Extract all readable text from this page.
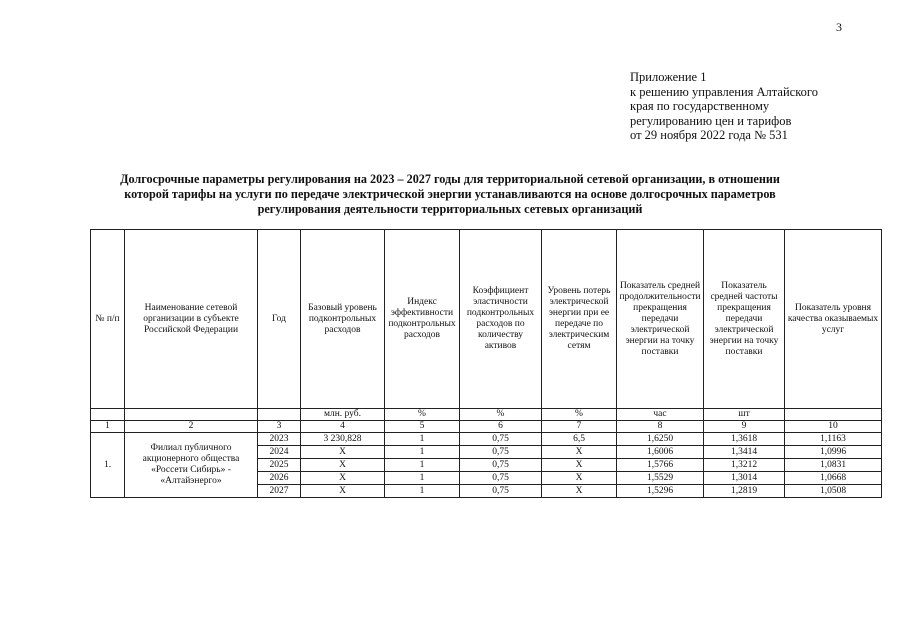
3
Приложение 1
к решению управления Алтайского
края по государственному
регулированию цен и тарифов
от 29 ноября 2022 года № 531
Долгосрочные параметры регулирования на 2023 – 2027 годы для территориальной сетевой организации, в отношении
которой тарифы на услуги по передаче электрической энергии устанавливаются на основе долгосрочных параметров
регулирования деятельности территориальных сетевых организаций
№ п/п	Наименование сетевой организации в субъекте Российской Федерации	Год	Базовый уровень подконтрольных расходов	Индекс эффективности подконтрольных расходов	Коэффициент эластичности подконтрольных расходов по количеству активов	Уровень потерь электрической энергии при ее передаче по электрическим сетям	Показатель средней продолжительности прекращения передачи электрической энергии на точку поставки	Показатель средней частоты прекращения передачи электрической энергии на точку поставки	Показатель уровня качества оказываемых услуг
			млн. руб.	%	%	%	час	шт	
1	2	3	4	5	6	7	8	9	10
1.	Филиал публичного акционерного общества «Россети Сибирь» - «Алтайэнерго»	2023	3 230,828	1	0,75	6,5	1,6250	1,3618	1,1163
		2024	Х	1	0,75	Х	1,6006	1,3414	1,0996
		2025	Х	1	0,75	Х	1,5766	1,3212	1,0831
		2026	Х	1	0,75	Х	1,5529	1,3014	1,0668
		2027	Х	1	0,75	Х	1,5296	1,2819	1,0508
